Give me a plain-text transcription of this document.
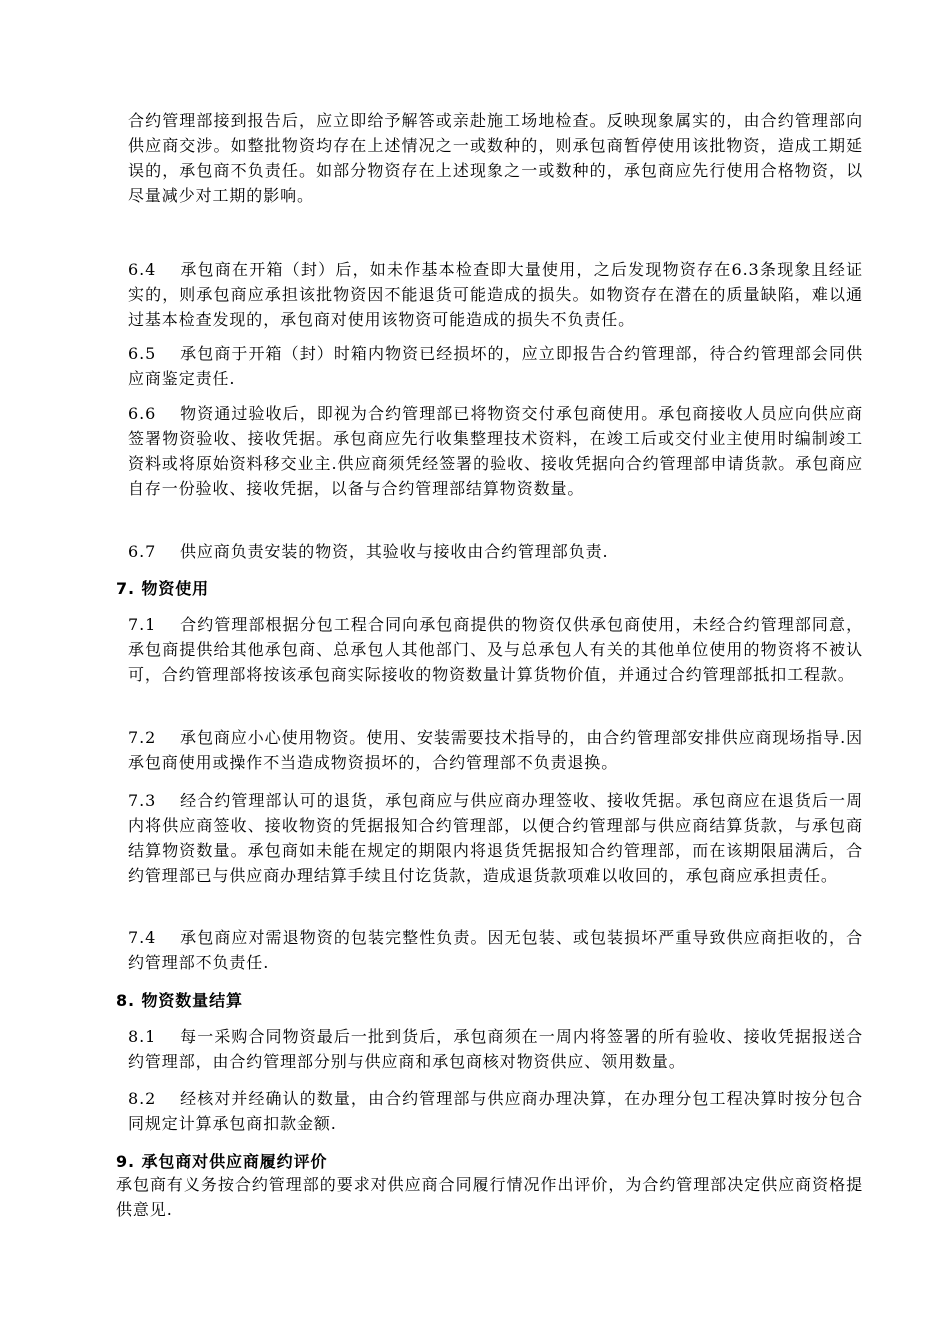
合约管理部接到报告后，应立即给予解答或亲赴施工场地检查。反映现象属实的，由合约管理部向供应商交涉。如整批物资均存在上述情况之一或数种的，则承包商暂停使用该批物资，造成工期延误的，承包商不负责任。如部分物资存在上述现象之一或数种的，承包商应先行使用合格物资，以尽量减少对工期的影响。

6.4 承包商在开箱（封）后，如未作基本检查即大量使用，之后发现物资存在6.3条现象且经证实的，则承包商应承担该批物资因不能退货可能造成的损失。如物资存在潜在的质量缺陷，难以通过基本检查发现的，承包商对使用该物资可能造成的损失不负责任。

6.5 承包商于开箱（封）时箱内物资已经损坏的，应立即报告合约管理部，待合约管理部会同供应商鉴定责任.

6.6 物资通过验收后，即视为合约管理部已将物资交付承包商使用。承包商接收人员应向供应商签署物资验收、接收凭据。承包商应先行收集整理技术资料，在竣工后或交付业主使用时编制竣工资料或将原始资料移交业主.供应商须凭经签署的验收、接收凭据向合约管理部申请货款。承包商应自存一份验收、接收凭据，以备与合约管理部结算物资数量。

6.7 供应商负责安装的物资，其验收与接收由合约管理部负责.

7. 物资使用

7.1 合约管理部根据分包工程合同向承包商提供的物资仅供承包商使用，未经合约管理部同意，承包商提供给其他承包商、总承包人其他部门、及与总承包人有关的其他单位使用的物资将不被认可，合约管理部将按该承包商实际接收的物资数量计算货物价值，并通过合约管理部抵扣工程款。

7.2 承包商应小心使用物资。使用、安装需要技术指导的，由合约管理部安排供应商现场指导.因承包商使用或操作不当造成物资损坏的，合约管理部不负责退换。

7.3 经合约管理部认可的退货，承包商应与供应商办理签收、接收凭据。承包商应在退货后一周内将供应商签收、接收物资的凭据报知合约管理部，以便合约管理部与供应商结算货款，与承包商结算物资数量。承包商如未能在规定的期限内将退货凭据报知合约管理部，而在该期限届满后，合约管理部已与供应商办理结算手续且付讫货款，造成退货款项难以收回的，承包商应承担责任。

7.4 承包商应对需退物资的包装完整性负责。因无包装、或包装损坏严重导致供应商拒收的，合约管理部不负责任.

8. 物资数量结算

8.1 每一采购合同物资最后一批到货后，承包商须在一周内将签署的所有验收、接收凭据报送合约管理部，由合约管理部分别与供应商和承包商核对物资供应、领用数量。

8.2 经核对并经确认的数量，由合约管理部与供应商办理决算，在办理分包工程决算时按分包合同规定计算承包商扣款金额.

9. 承包商对供应商履约评价

承包商有义务按合约管理部的要求对供应商合同履行情况作出评价，为合约管理部决定供应商资格提供意见.
